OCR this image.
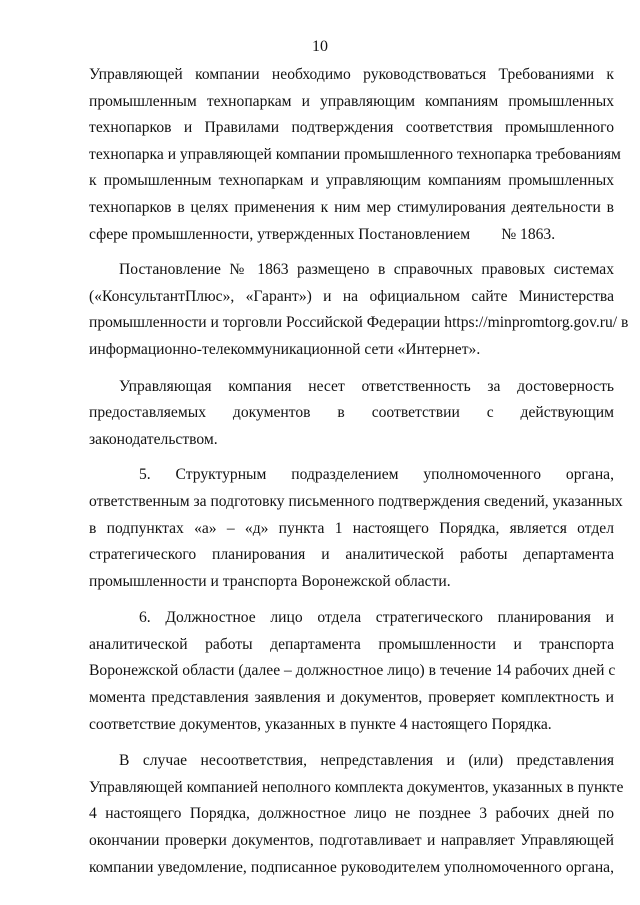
10
Управляющей компании необходимо руководствоваться Требованиями к
промышленным технопаркам и управляющим компаниям промышленных
технопарков и Правилами подтверждения соответствия промышленного
технопарка и управляющей компании промышленного технопарка требованиям
к промышленным технопаркам и управляющим компаниям промышленных
технопарков в целях применения к ним мер стимулирования деятельности в
сфере промышленности, утвержденных Постановлением        № 1863.
Постановление № 1863 размещено в справочных правовых системах
(«КонсультантПлюс», «Гарант») и на официальном сайте Министерства
промышленности и торговли Российской Федерации https://minpromtorg.gov.ru/ в
информационно-телекоммуникационной сети «Интернет».
Управляющая компания несет ответственность за достоверность
предоставляемых документов в соответствии с действующим
законодательством.
5. Структурным подразделением уполномоченного органа,
ответственным за подготовку письменного подтверждения сведений, указанных
в подпунктах «а» – «д» пункта 1 настоящего Порядка, является отдел
стратегического планирования и аналитической работы департамента
промышленности и транспорта Воронежской области.
6. Должностное лицо отдела стратегического планирования и
аналитической работы департамента промышленности и транспорта
Воронежской области (далее – должностное лицо) в течение 14 рабочих дней с
момента представления заявления и документов, проверяет комплектность и
соответствие документов, указанных в пункте 4 настоящего Порядка.
В случае несоответствия, непредставления и (или) представления
Управляющей компанией неполного комплекта документов, указанных в пункте
4 настоящего Порядка, должностное лицо не позднее 3 рабочих дней по
окончании проверки документов, подготавливает и направляет Управляющей
компании уведомление, подписанное руководителем уполномоченного органа,
